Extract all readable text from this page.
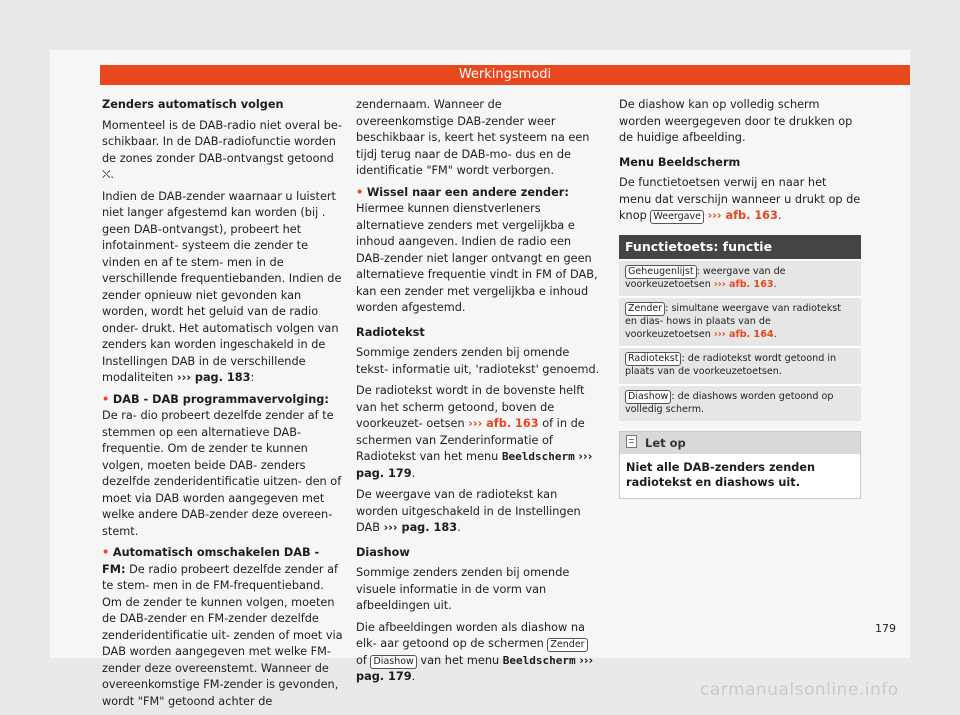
Werkingsmodi
Zenders automatisch volgen

Momenteel is de DAB-radio niet overal be- schikbaar. In de DAB-radiofunctie worden de zones zonder DAB-ontvangst getoond ⛌.

Indien de DAB-zender waarnaar u luistert niet langer afgestemd kan worden (bij . geen DAB-ontvangst), probeert het infotainment- systeem die zender te vinden en af te stem- men in de verschillende frequentiebanden. Indien de zender opnieuw niet gevonden kan worden, wordt het geluid van de radio onder- drukt. Het automatisch volgen van zenders kan worden ingeschakeld in de Instellingen DAB in de verschillende modaliteiten ››› pag. 183:

• DAB - DAB programmavervolging: De ra- dio probeert dezelfde zender af te stemmen op een alternatieve DAB-frequentie. Om de zender te kunnen volgen, moeten beide DAB- zenders dezelfde zenderidentificatie uitzen- den of moet via DAB worden aangegeven met welke andere DAB-zender deze overeen- stemt.

• Automatisch omschakelen DAB - FM: De radio probeert dezelfde zender af te stem- men in de FM-frequentieband. Om de zender te kunnen volgen, moeten de DAB-zender en FM-zender dezelfde zenderidentificatie uit- zenden of moet via DAB worden aangegeven met welke FM-zender deze overeenstemt. Wanneer de overeenkomstige FM-zender is gevonden, wordt "FM" getoond achter de

zendernaam. Wanneer de overeenkomstige DAB-zender weer beschikbaar is, keert het systeem na een tijdj terug naar de DAB-mo- dus en de identificatie "FM" wordt verborgen.

• Wissel naar een andere zender: Hiermee kunnen dienstverleners alternatieve zenders met vergelijkba e inhoud aangeven. Indien de radio een DAB-zender niet langer ontvangt en geen alternatieve frequentie vindt in FM of DAB, kan een zender met vergelijkba e inhoud worden afgestemd.

Radiotekst

Sommige zenders zenden bij omende tekst- informatie uit, 'radiotekst' genoemd.

De radiotekst wordt in de bovenste helft van het scherm getoond, boven de voorkeuzet- oetsen ››› afb. 163 of in de schermen van Zenderinformatie of Radiotekst van het menu Beeldscherm ››› pag. 179.

De weergave van de radiotekst kan worden uitgeschakeld in de Instellingen DAB ››› pag. 183.

Diashow

Sommige zenders zenden bij omende visuele informatie in de vorm van afbeeldingen uit.

Die afbeeldingen worden als diashow na elk- aar getoond op de schermen Zender of Diashow van het menu Beeldscherm ››› pag. 179.

De diashow kan op volledig scherm worden weergegeven door te drukken op de huidige afbeelding.

Menu Beeldscherm

De functietoetsen verwij en naar het menu dat verschijn wanneer u drukt op de knop Weergave ››› afb. 163.

Functietoets: functie
Geheugenlijst : weergave van de voorkeuzetoetsen ››› afb. 163.
Zender : simultane weergave van radiotekst en dias- hows in plaats van de voorkeuzetoetsen ››› afb. 164.
Radiotekst : de radiotekst wordt getoond in plaats van de voorkeuzetoetsen.
Diashow : de diashows worden getoond op volledig scherm.
Let op
Niet alle DAB-zenders zenden radiotekst en diashows uit.
179
carmanualsonline.info
